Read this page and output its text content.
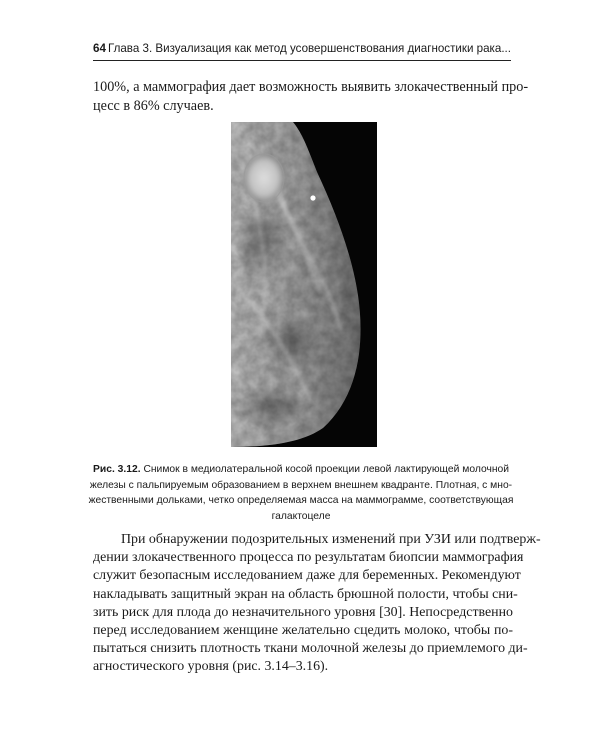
64 Глава 3. Визуализация как метод усовершенствования диагностики рака...
100%, а маммография дает возможность выявить злокачественный про-
цесс в 86% случаев.
Рис. 3.12. Снимок в медиолатеральной косой проекции левой лактирующей молочной
железы с пальпируемым образованием в верхнем внешнем квадранте. Плотная, с мно-
жественными дольками, четко определяемая масса на маммограмме, соответствующая
галактоцеле
При обнаружении подозрительных изменений при УЗИ или подтверж-
дении злокачественного процесса по результатам биопсии маммография
служит безопасным исследованием даже для беременных. Рекомендуют
накладывать защитный экран на область брюшной полости, чтобы сни-
зить риск для плода до незначительного уровня [30]. Непосредственно
перед исследованием женщине желательно сцедить молоко, чтобы по-
пытаться снизить плотность ткани молочной железы до приемлемого ди-
агностического уровня (рис. 3.14–3.16).
